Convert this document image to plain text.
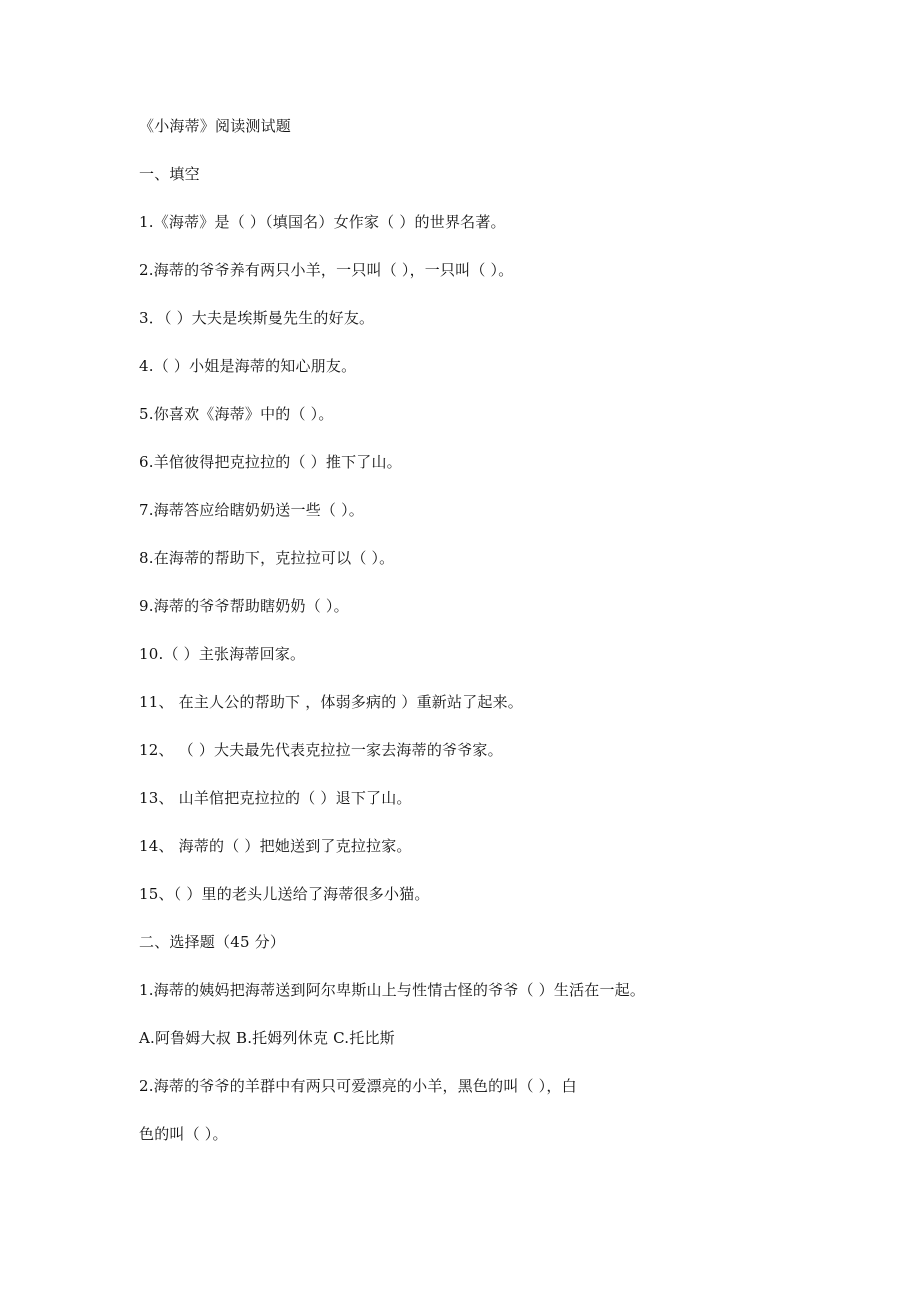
《小海蒂》阅读测试题
一、填空
1.《海蒂》是（ ）（填国名）女作家（ ）的世界名著。
2.海蒂的爷爷养有两只小羊，一只叫（ ），一只叫（ ）。
3．（ ）大夫是埃斯曼先生的好友。
4.（ ）小姐是海蒂的知心朋友。
5.你喜欢《海蒂》中的（ ）。
6.羊倌彼得把克拉拉的（ ）推下了山。
7.海蒂答应给瞎奶奶送一些（ ）。
8.在海蒂的帮助下，克拉拉可以（ ）。
9.海蒂的爷爷帮助瞎奶奶（ ）。
10.（ ）主张海蒂回家。
11、 在主人公的帮助下 ，体弱多病的 ）重新站了起来。
12、 （ ）大夫最先代表克拉拉一家去海蒂的爷爷家。
13、 山羊倌把克拉拉的（ ）退下了山。
14、 海蒂的（ ）把她送到了克拉拉家。
15、（ ）里的老头儿送给了海蒂很多小猫。
二、选择题（45 分）
1.海蒂的姨妈把海蒂送到阿尔卑斯山上与性情古怪的爷爷（ ）生活在一起。
A.阿鲁姆大叔 B.托姆列休克 C.托比斯
2.海蒂的爷爷的羊群中有两只可爱漂亮的小羊，黑色的叫（ ），白
色的叫（ ）。
